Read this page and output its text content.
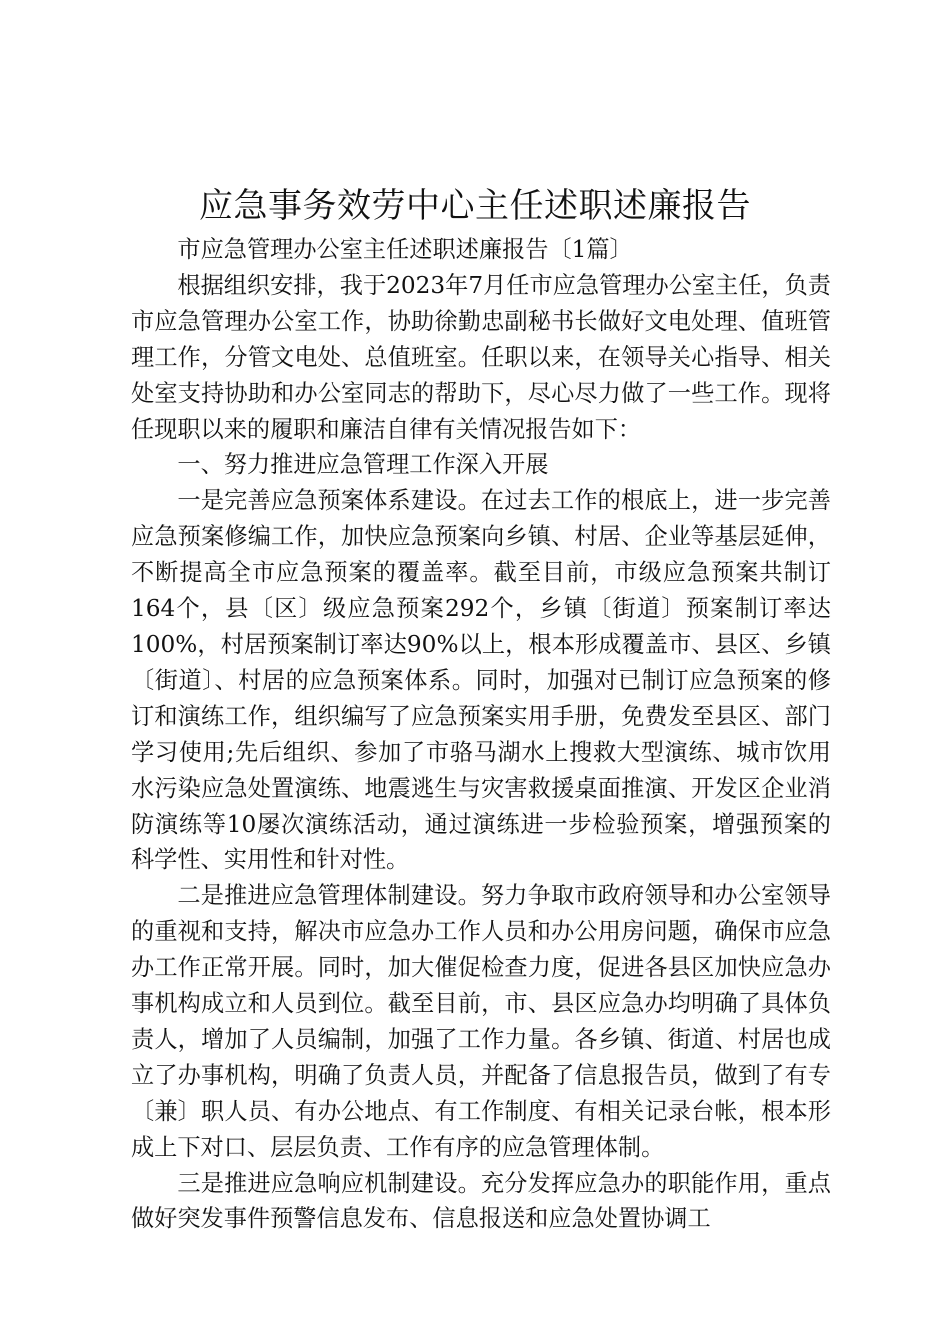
应急事务效劳中心主任述职述廉报告

市应急管理办公室主任述职述廉报告〔1篇〕

根据组织安排，我于2023年7月任市应急管理办公室主任，负责市应急管理办公室工作，协助徐勤忠副秘书长做好文电处理、值班管理工作，分管文电处、总值班室。任职以来，在领导关心指导、相关处室支持协助和办公室同志的帮助下，尽心尽力做了一些工作。现将任现职以来的履职和廉洁自律有关情况报告如下：

一、努力推进应急管理工作深入开展

一是完善应急预案体系建设。在过去工作的根底上，进一步完善应急预案修编工作，加快应急预案向乡镇、村居、企业等基层延伸，不断提高全市应急预案的覆盖率。截至目前，市级应急预案共制订164个，县〔区〕级应急预案292个，乡镇〔街道〕预案制订率达100%，村居预案制订率达90%以上，根本形成覆盖市、县区、乡镇〔街道〕、村居的应急预案体系。同时，加强对已制订应急预案的修订和演练工作，组织编写了应急预案实用手册，免费发至县区、部门学习使用;先后组织、参加了市骆马湖水上搜救大型演练、城市饮用水污染应急处置演练、地震逃生与灾害救援桌面推演、开发区企业消防演练等10屡次演练活动，通过演练进一步检验预案，增强预案的科学性、实用性和针对性。

二是推进应急管理体制建设。努力争取市政府领导和办公室领导的重视和支持，解决市应急办工作人员和办公用房问题，确保市应急办工作正常开展。同时，加大催促检查力度，促进各县区加快应急办事机构成立和人员到位。截至目前，市、县区应急办均明确了具体负责人，增加了人员编制，加强了工作力量。各乡镇、街道、村居也成立了办事机构，明确了负责人员，并配备了信息报告员，做到了有专〔兼〕职人员、有办公地点、有工作制度、有相关记录台帐，根本形成上下对口、层层负责、工作有序的应急管理体制。

三是推进应急响应机制建设。充分发挥应急办的职能作用，重点做好突发事件预警信息发布、信息报送和应急处置协调工
